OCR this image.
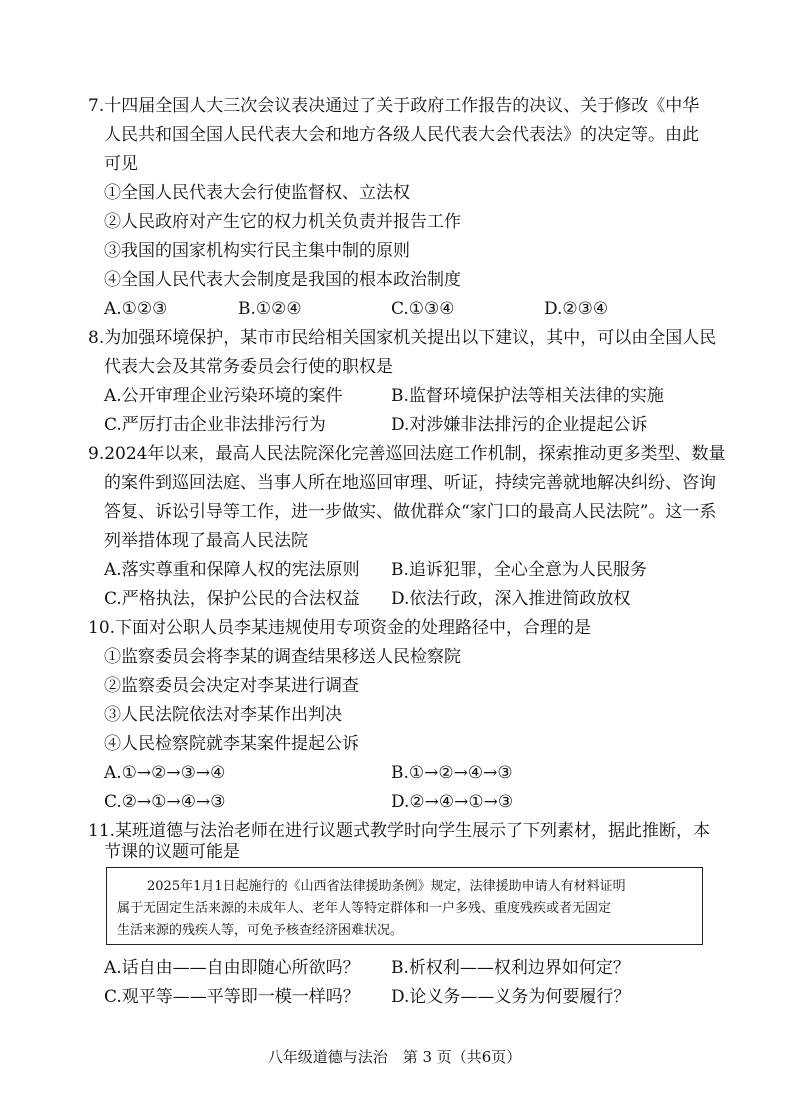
7.十四届全国人大三次会议表决通过了关于政府工作报告的决议、关于修改《中华
人民共和国全国人民代表大会和地方各级人民代表大会代表法》的决定等。由此
可见
①全国人民代表大会行使监督权、立法权
②人民政府对产生它的权力机关负责并报告工作
③我国的国家机构实行民主集中制的原则
④全国人民代表大会制度是我国的根本政治制度
A.①②③	B.①②④	C.①③④	D.②③④
8.为加强环境保护，某市市民给相关国家机关提出以下建议，其中，可以由全国人民
代表大会及其常务委员会行使的职权是
A.公开审理企业污染环境的案件	B.监督环境保护法等相关法律的实施
C.严厉打击企业非法排污行为	D.对涉嫌非法排污的企业提起公诉
9.2024年以来，最高人民法院深化完善巡回法庭工作机制，探索推动更多类型、数量
的案件到巡回法庭、当事人所在地巡回审理、听证，持续完善就地解决纠纷、咨询
答复、诉讼引导等工作，进一步做实、做优群众“家门口的最高人民法院”。这一系
列举措体现了最高人民法院
A.落实尊重和保障人权的宪法原则 B.追诉犯罪，全心全意为人民服务
C.严格执法，保护公民的合法权益 D.依法行政，深入推进简政放权
10.下面对公职人员李某违规使用专项资金的处理路径中，合理的是
①监察委员会将李某的调查结果移送人民检察院
②监察委员会决定对李某进行调查
③人民法院依法对李某作出判决
④人民检察院就李某案件提起公诉
A.①→②→③→④	B.①→②→④→③
C.②→①→④→③	D.②→④→①→③
11.某班道德与法治老师在进行议题式教学时向学生展示了下列素材，据此推断，本
节课的议题可能是
2025年1月1日起施行的《山西省法律援助条例》规定，法律援助申请人有材料证明
属于无固定生活来源的未成年人、老年人等特定群体和一户多残、重度残疾或者无固定
生活来源的残疾人等，可免予核查经济困难状况。
A.话自由——自由即随心所欲吗？ B.析权利——权利边界如何定？
C.观平等——平等即一模一样吗？ D.论义务——义务为何要履行？
八年级道德与法治　第 3 页（共6页）
